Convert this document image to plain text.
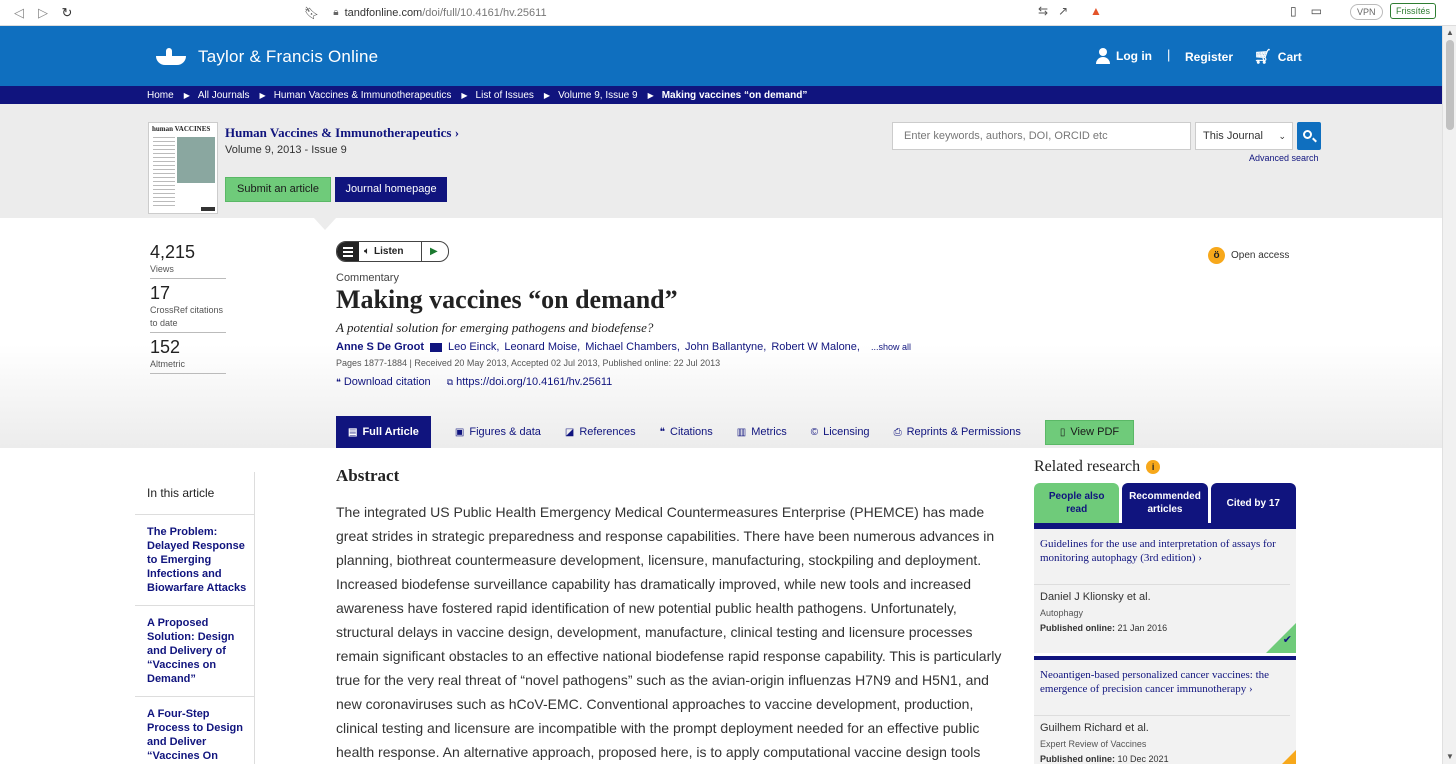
◁	▷	↻	🔖︎ 🔒︎ tandfonline.com/doi/full/10.4161/hv.25611	⇆ ↗ ▲	▯ ▭	VPN	Frissítés
Taylor & Francis Online	Log in | Register 🛒︎ Cart
Home ▶ All Journals ▶ Human Vaccines & Immunotherapeutics ▶ List of Issues ▶ Volume 9, Issue 9 ▶ Making vaccines “on demand”
human VACCINES Human Vaccines & Immunotherapeutics ›
Volume 9, 2013 - Issue 9
Submit an article	Journal homepage
Enter keywords, authors, DOI, ORCID etc	This Journal ⌄
Advanced search
4,215
Views
17
CrossRef citations to date
152
Altmetric
🔈︎ Listen	▶	ö	Open access
Commentary
Making vaccines “on demand”
A potential solution for emerging pathogens and biodefense?
Anne S De Groot Leo Einck, Leonard Moise, Michael Chambers, John Ballantyne, Robert W Malone, ...show all
Pages 1877-1884 | Received 20 May 2013, Accepted 02 Jul 2013, Published online: 22 Jul 2013
❝ Download citation ⧉ https://doi.org/10.4161/hv.25611
▤ Full Article	▣ Figures & data ◪ References ❝ Citations ▥ Metrics © Licensing ⎙ Reprints & Permissions	▯ View PDF
In this article
The Problem: Delayed Response to Emerging Infections and Biowarfare Attacks
A Proposed Solution: Design and Delivery of “Vaccines on Demand”
A Four-Step Process to Design and Deliver “Vaccines On
Abstract

The integrated US Public Health Emergency Medical Countermeasures Enterprise (PHEMCE) has made great strides in strategic preparedness and response capabilities. There have been numerous advances in planning, biothreat countermeasure development, licensure, manufacturing, stockpiling and deployment. Increased biodefense surveillance capability has dramatically improved, while new tools and increased awareness have fostered rapid identification of new potential public health pathogens. Unfortunately, structural delays in vaccine design, development, manufacture, clinical testing and licensure processes remain significant obstacles to an effective national biodefense rapid response capability. This is particularly true for the very real threat of “novel pathogens” such as the avian-origin influenzas H7N9 and H5N1, and new coronaviruses such as hCoV-EMC. Conventional approaches to vaccine development, production, clinical testing and licensure are incompatible with the prompt deployment needed for an effective public health response. An alternative approach, proposed here, is to apply computational vaccine design tools

Related research	i
People also read
Recommended articles
Cited by 17
Guidelines for the use and interpretation of assays for monitoring autophagy (3rd edition) ›
Daniel J Klionsky et al.
Autophagy
Published online: 21 Jan 2016
✔
Neoantigen-based personalized cancer vaccines: the emergence of precision cancer immunotherapy ›
Guilhem Richard et al.
Expert Review of Vaccines
Published online: 10 Dec 2021
▲
▼
